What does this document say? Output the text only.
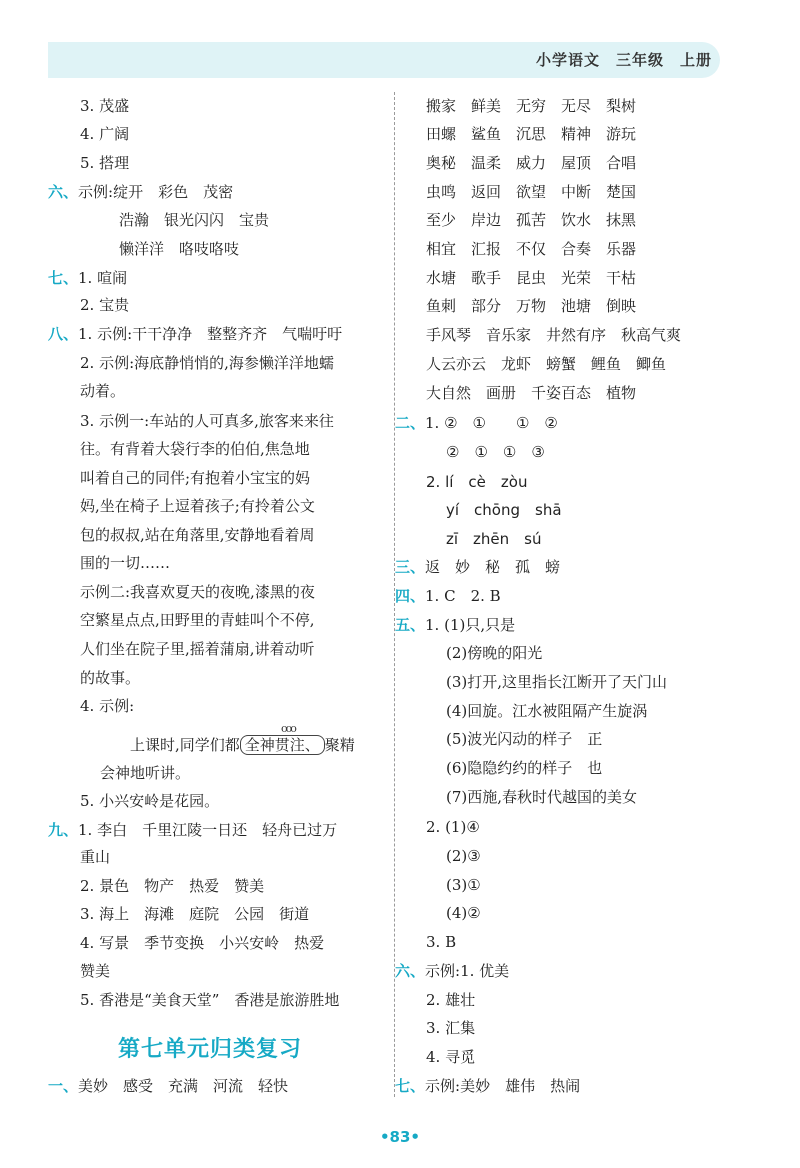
小学语文　三年级　上册
3. 茂盛
4. 广阔
5. 搭理
六、示例:绽开　彩色　茂密
浩瀚　银光闪闪　宝贵
懒洋洋　咯吱咯吱
七、1. 喧闹
2. 宝贵
八、1. 示例:干干净净　整整齐齐　气喘吁吁
2. 示例:海底静悄悄的,海参懒洋洋地蠕
动着。
3. 示例一:车站的人可真多,旅客来来往
往。有背着大袋行李的伯伯,焦急地
叫着自己的同伴;有抱着小宝宝的妈
妈,坐在椅子上逗着孩子;有拎着公文
包的叔叔,站在角落里,安静地看着周
围的一切……
示例二:我喜欢夏天的夜晚,漆黑的夜
空繁星点点,田野里的青蛙叫个不停,
人们坐在院子里,摇着蒲扇,讲着动听
的故事。
4. 示例:
ooo
上课时,同学们都 全神贯注、 聚精
会神地听讲。
5. 小兴安岭是花园。
九、1. 李白　千里江陵一日还　轻舟已过万
重山
2. 景色　物产　热爱　赞美
3. 海上　海滩　庭院　公园　街道
4. 写景　季节变换　小兴安岭　热爱
赞美
5. 香港是“美食天堂”　香港是旅游胜地
第七单元归类复习
一、美妙　感受　充满　河流　轻快
搬家　鲜美　无穷　无尽　梨树
田螺　鲨鱼　沉思　精神　游玩
奥秘　温柔　威力　屋顶　合唱
虫鸣　返回　欲望　中断　楚国
至少　岸边　孤苦　饮水　抹黑
相宜　汇报　不仅　合奏　乐器
水塘　歌手　昆虫　光荣　干枯
鱼刺　部分　万物　池塘　倒映
手风琴　音乐家　井然有序　秋高气爽
人云亦云　龙虾　螃蟹　鲤鱼　鲫鱼
大自然　画册　千姿百态　植物
二、1. ②　①　　①　②
②　①　①　③
2. lí　cè　zòu
yí　chōng　shā
zī　zhēn　sú
三、返　妙　秘　孤　螃
四、1. C　2. B
五、1. (1)只,只是
(2)傍晚的阳光
(3)打开,这里指长江断开了天门山
(4)回旋。江水被阻隔产生旋涡
(5)波光闪动的样子　正
(6)隐隐约约的样子　也
(7)西施,春秋时代越国的美女
2. (1)④
(2)③
(3)①
(4)②
3. B
六、示例:1. 优美
2. 雄壮
3. 汇集
4. 寻觅
七、示例:美妙　雄伟　热闹
•83•
